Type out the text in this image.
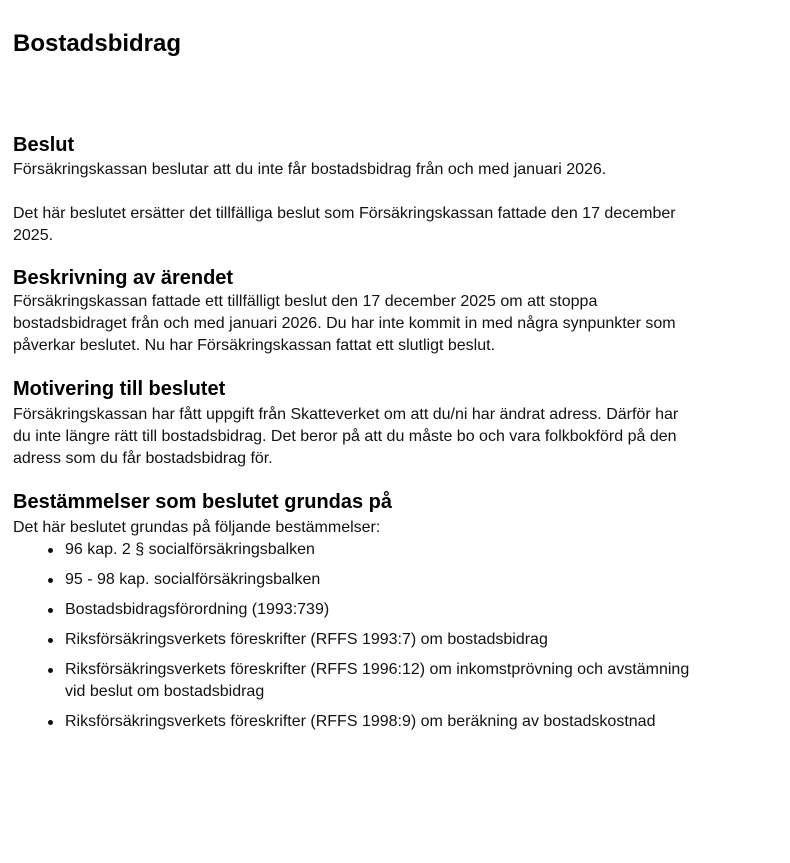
Bostadsbidrag
Beslut

Försäkringskassan beslutar att du inte får bostadsbidrag från och med januari 2026.

Det här beslutet ersätter det tillfälliga beslut som Försäkringskassan fattade den 17 december 2025.

Beskrivning av ärendet

Försäkringskassan fattade ett tillfälligt beslut den 17 december 2025 om att stoppa bostadsbidraget från och med januari 2026. Du har inte kommit in med några synpunkter som påverkar beslutet. Nu har Försäkringskassan fattat ett slutligt beslut.

Motivering till beslutet

Försäkringskassan har fått uppgift från Skatteverket om att du/ni har ändrat adress. Därför har du inte längre rätt till bostadsbidrag. Det beror på att du måste bo och vara folkbokförd på den adress som du får bostadsbidrag för.

Bestämmelser som beslutet grundas på

Det här beslutet grundas på följande bestämmelser:

96 kap. 2 § socialförsäkringsbalken
95 - 98 kap. socialförsäkringsbalken
Bostadsbidragsförordning (1993:739)
Riksförsäkringsverkets föreskrifter (RFFS 1993:7) om bostadsbidrag
Riksförsäkringsverkets föreskrifter (RFFS 1996:12) om inkomstprövning och avstämning vid beslut om bostadsbidrag
Riksförsäkringsverkets föreskrifter (RFFS 1998:9) om beräkning av bostadskostnad
